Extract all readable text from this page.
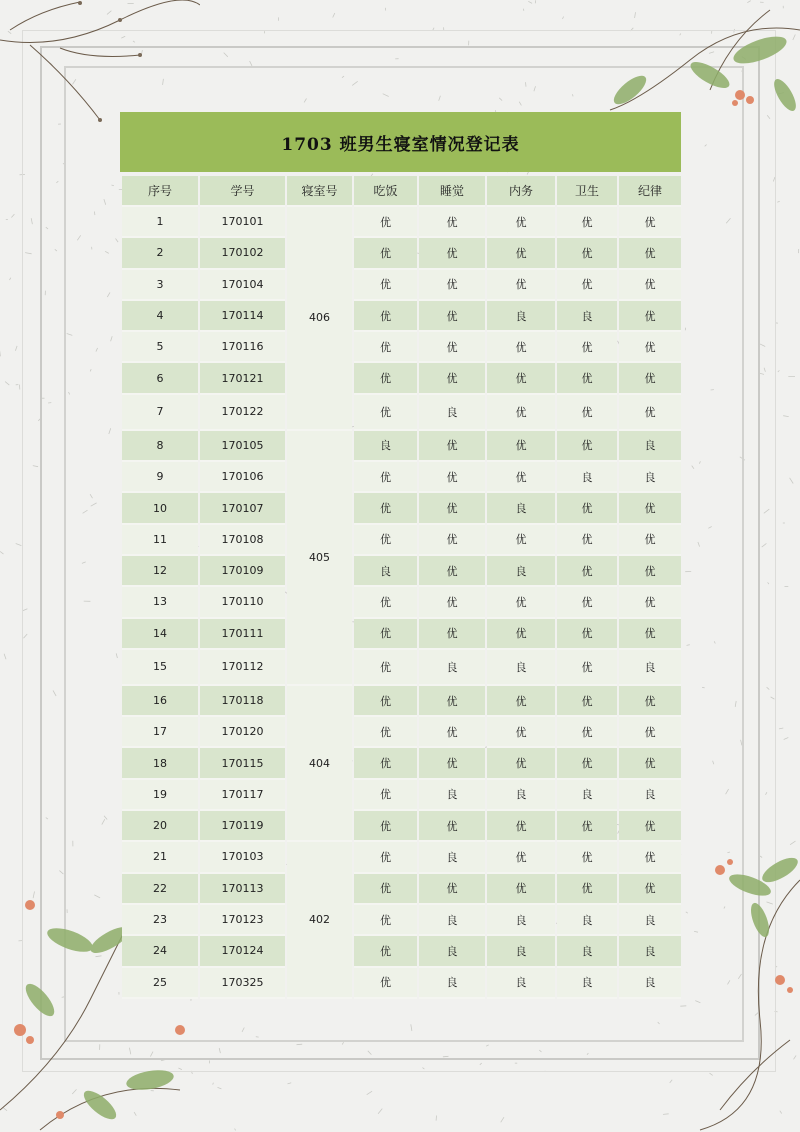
1703 班男生寝室情况登记表
序号	学号	寝室号	吃饭	睡觉	内务	卫生	纪律
1	170101	406	优	优	优	优	优
2	170102		优	优	优	优	优
3	170104		优	优	优	优	优
4	170114		优	优	良	良	优
5	170116		优	优	优	优	优
6	170121		优	优	优	优	优
7	170122		优	良	优	优	优
8	170105	405	良	优	优	优	良
9	170106		优	优	优	良	良
10	170107		优	优	良	优	优
11	170108		优	优	优	优	优
12	170109		良	优	良	优	优
13	170110		优	优	优	优	优
14	170111		优	优	优	优	优
15	170112		优	良	良	优	良
16	170118	404	优	优	优	优	优
17	170120		优	优	优	优	优
18	170115		优	优	优	优	优
19	170117		优	良	良	良	良
20	170119		优	优	优	优	优
21	170103	402	优	良	优	优	优
22	170113		优	优	优	优	优
23	170123		优	良	良	良	良
24	170124		优	良	良	良	良
25	170325		优	良	良	良	良
